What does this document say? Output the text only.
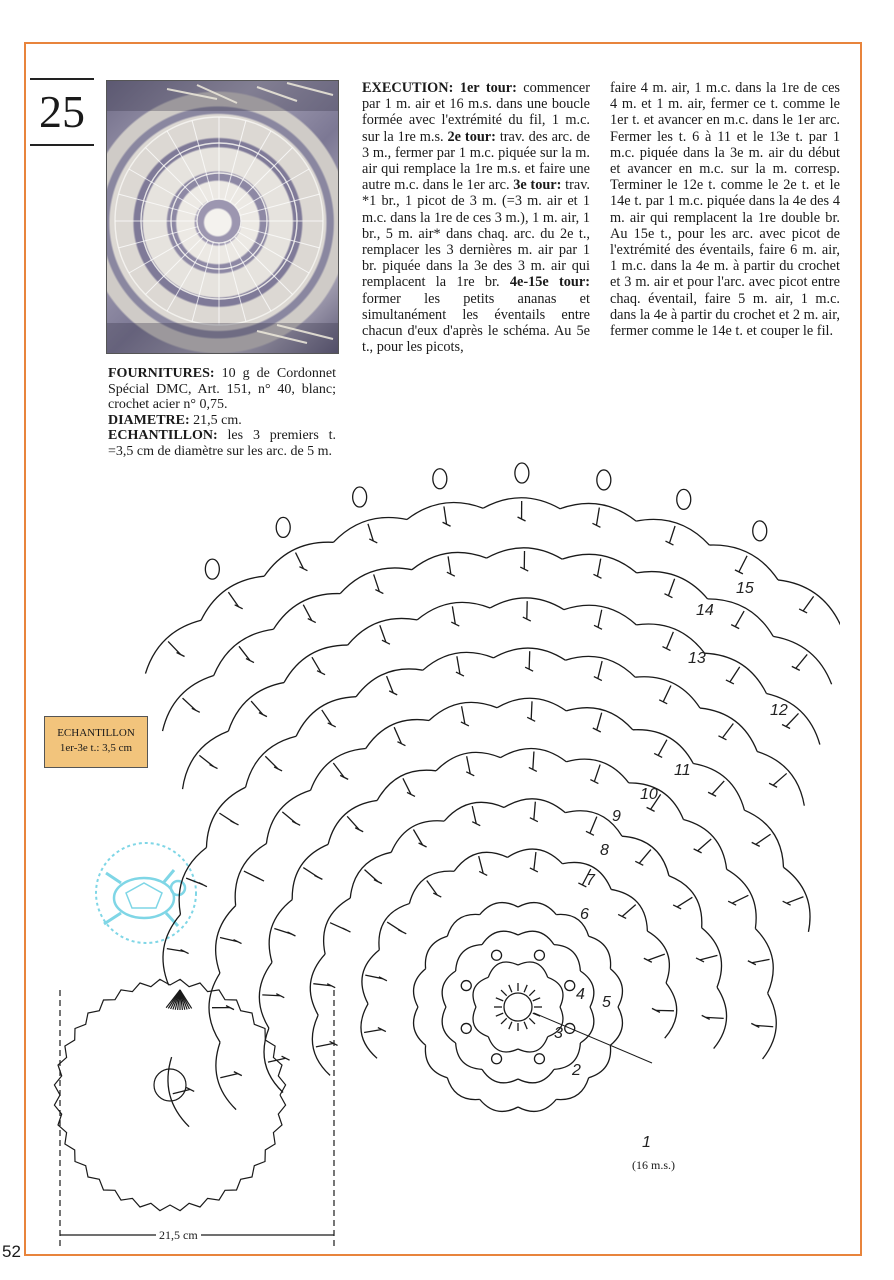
25	EXECUTION: 1er tour: commencer par 1 m. air et 16 m.s. dans une boucle formée avec l'extrémité du fil, 1 m.c. sur la 1re m.s. 2e tour: trav. des arc. de 3 m., fermer par 1 m.c. piquée sur la m. air qui remplace la 1re m.s. et faire une autre m.c. dans le 1er arc. 3e tour: trav. *1 br., 1 picot de 3 m. (=3 m. air et 1 m.c. dans la 1re de ces 3 m.), 1 m. air, 1 br., 5 m. air* dans chaq. arc. du 2e t., remplacer les 3 dernières m. air par 1 br. piquée dans la 3e des 3 m. air qui remplacent la 1re br. 4e-15e tour: former les petits ananas et simultanément les éventails entre chacun d'eux d'après le schéma. Au 5e t., pour les picots,
faire 4 m. air, 1 m.c. dans la 1re de ces 4 m. et 1 m. air, fermer ce t. comme le 1er t. et avancer en m.c. dans le 1er arc. Fermer les t. 6 à 11 et le 13e t. par 1 m.c. piquée dans la 3e m. air du début et avancer en m.c. sur la m. corresp. Terminer le 12e t. comme le 2e t. et le 14e t. par 1 m.c. piquée dans la 4e des 4 m. air qui remplacent la 1re double br. Au 15e t., pour les arc. avec picot de l'extrémité des éventails, faire 6 m. air, 1 m.c. dans la 4e m. à partir du crochet et 3 m. air et pour l'arc. avec picot entre chaq. éventail, faire 5 m. air, 1 m.c. dans la 4e à partir du crochet et 2 m. air, fermer comme le 14e t. et couper le fil.
FOURNITURES: 10 g de Cordonnet Spécial DMC, Art. 151, n° 40, blanc; crochet acier n° 0,75.
DIAMETRE: 21,5 cm.
ECHANTILLON: les 3 premiers t. =3,5 cm de diamètre sur les arc. de 5 m.
ECHANTILLON
1er-3e t.: 3,5 cm
1
2
3
4 5
6
7
8
9
10
11
12
13
14
15
(16 m.s.)
21,5 cm
52
